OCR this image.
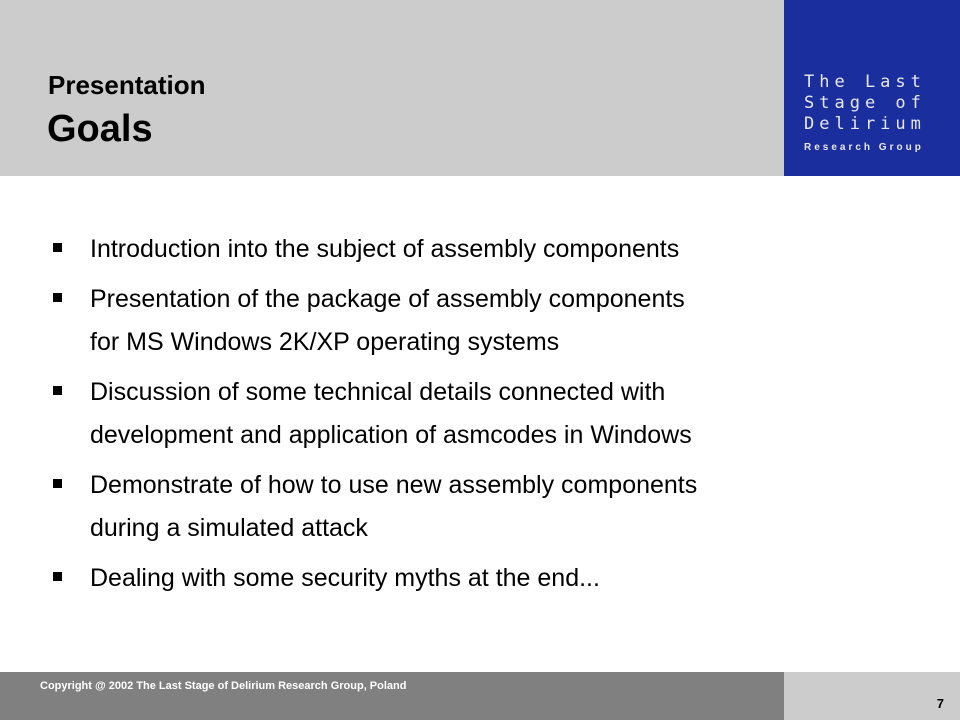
Presentation
Goals
The Last
Stage of
Delirium
Research Group
Introduction into the subject of assembly components
Presentation of the package of assembly components
for MS Windows 2K/XP operating systems
Discussion of some technical details connected with
development and application of asmcodes in Windows
Demonstrate of how to use new assembly components
during a simulated attack
Dealing with some security myths at the end...
Copyright @ 2002 The Last Stage of Delirium Research Group, Poland
7
